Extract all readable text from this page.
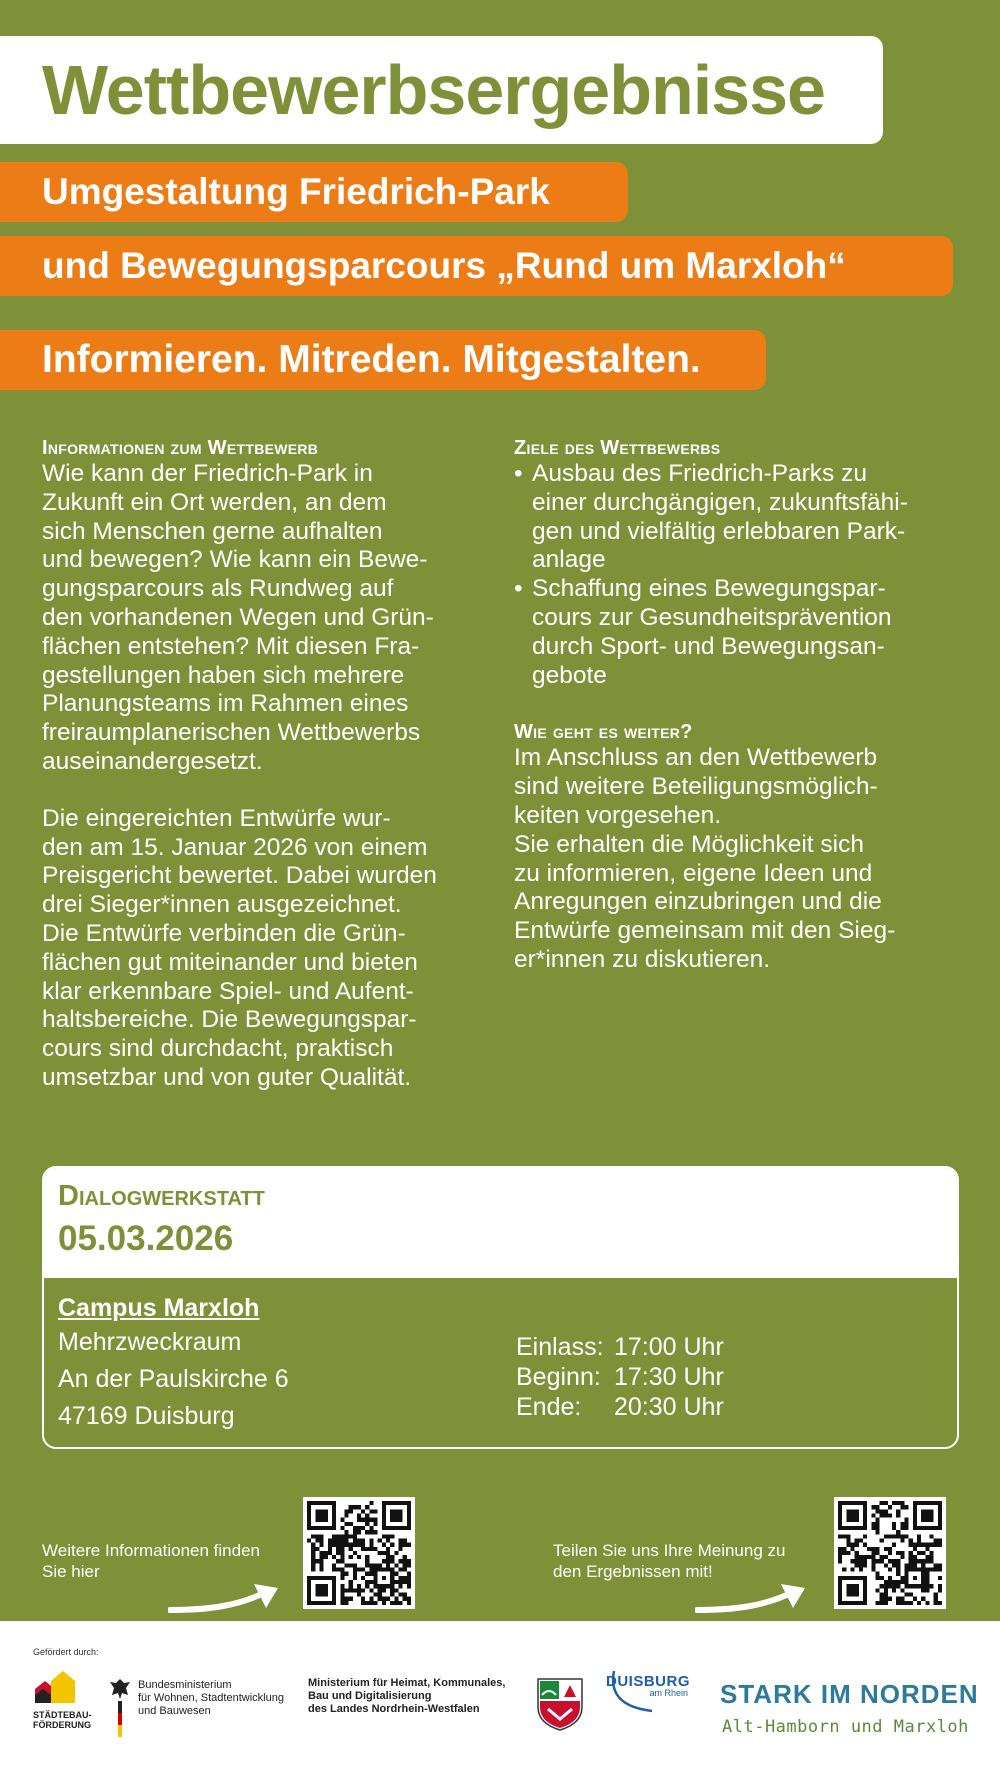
Wettbewerbsergebnisse
Umgestaltung Friedrich-Park
und Bewegungsparcours „Rund um Marxloh“
Informieren. Mitreden. Mitgestalten.
Informationen zum Wettbewerb
Wie kann der Friedrich-Park in
Zukunft ein Ort werden, an dem
sich Menschen gerne aufhalten
und bewegen? Wie kann ein Bewe-
gungsparcours als Rundweg auf
den vorhandenen Wegen und Grün-
flächen entstehen? Mit diesen Fra-
gestellungen haben sich mehrere
Planungsteams im Rahmen eines
freiraumplanerischen Wettbewerbs
auseinandergesetzt.
Die eingereichten Entwürfe wur-
den am 15. Januar 2026 von einem
Preisgericht bewertet. Dabei wurden
drei Sieger*innen ausgezeichnet.
Die Entwürfe verbinden die Grün-
flächen gut miteinander und bieten
klar erkennbare Spiel- und Aufent-
haltsbereiche. Die Bewegungspar-
cours sind durchdacht, praktisch
umsetzbar und von guter Qualität.
Ziele des Wettbewerbs
• Ausbau des Friedrich-Parks zu
einer durchgängigen, zukunftsfähi-
gen und vielfältig erlebbaren Park-
anlage
• Schaffung eines Bewegungspar-
cours zur Gesundheitsprävention
durch Sport- und Bewegungsan-
gebote
Wie geht es weiter?
Im Anschluss an den Wettbewerb
sind weitere Beteiligungsmöglich-
keiten vorgesehen.
Sie erhalten die Möglichkeit sich
zu informieren, eigene Ideen und
Anregungen einzubringen und die
Entwürfe gemeinsam mit den Sieg-
er*innen zu diskutieren.
Dialogwerkstatt
05.03.2026
Campus Marxloh
Mehrzweckraum
An der Paulskirche 6
47169 Duisburg
Einlass: 17:00 Uhr
Beginn: 17:30 Uhr
Ende:	20:30 Uhr
Weitere Informationen finden
Sie hier
Teilen Sie uns Ihre Meinung zu
den Ergebnissen mit!
Gefördert durch:
STÄDTEBAU-
FÖRDERUNG
Bundesministerium
für Wohnen, Stadtentwicklung
und Bauwesen
Ministerium für Heimat, Kommunales,
Bau und Digitalisierung
des Landes Nordrhein-Westfalen
DUISBURG
am Rhein STARK IM NORDEN
Alt-Hamborn und Marxloh
